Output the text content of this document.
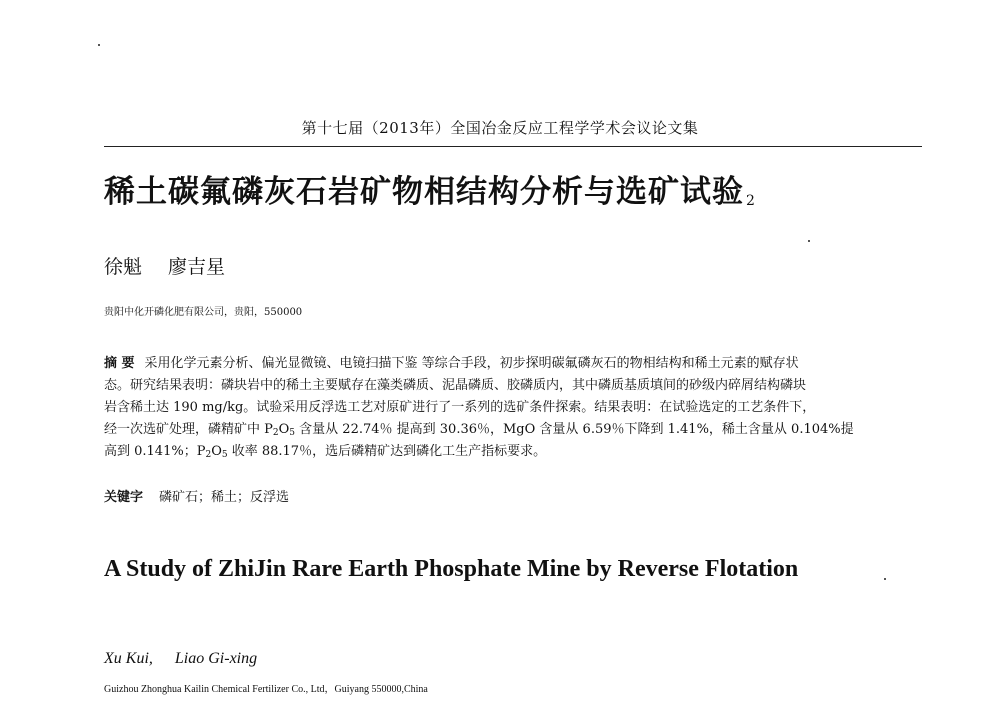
第十七届（2013年）全国冶金反应工程学学术会议论文集
稀土碳氟磷灰石岩矿物相结构分析与选矿试验 2
徐魁 廖吉星
贵阳中化开磷化肥有限公司，贵阳，550000
摘 要 采用化学元素分析、偏光显微镜、电镜扫描下鉴 等综合手段，初步探明碳氟磷灰石的物相结构和稀土元素的赋存状
态。研究结果表明：磷块岩中的稀土主要赋存在藻类磷质、泥晶磷质、胶磷质内，其中磷质基质填间的砂级内碎屑结构磷块
岩含稀土达 190 mg/kg。试验采用反浮选工艺对原矿进行了一系列的选矿条件探索。结果表明：在试验选定的工艺条件下，
经一次选矿处理，磷精矿中 $P_2O_5$ 含量从 22.74％ 提高到 30.36％，MgO 含量从 6.59％下降到 1.41%，稀土含量从 0.104%提
高到 0.141%；$P_2O_5$ 收率 88.17％，选后磷精矿达到磷化工生产指标要求。
关键字 磷矿石；稀土；反浮选
A Study of ZhiJin Rare Earth Phosphate Mine by Reverse Flotation
Xu Kui, Liao Gi-xing
Guizhou Zhonghua Kailin Chemical Fertilizer Co., Ltd，Guiyang 550000,China
